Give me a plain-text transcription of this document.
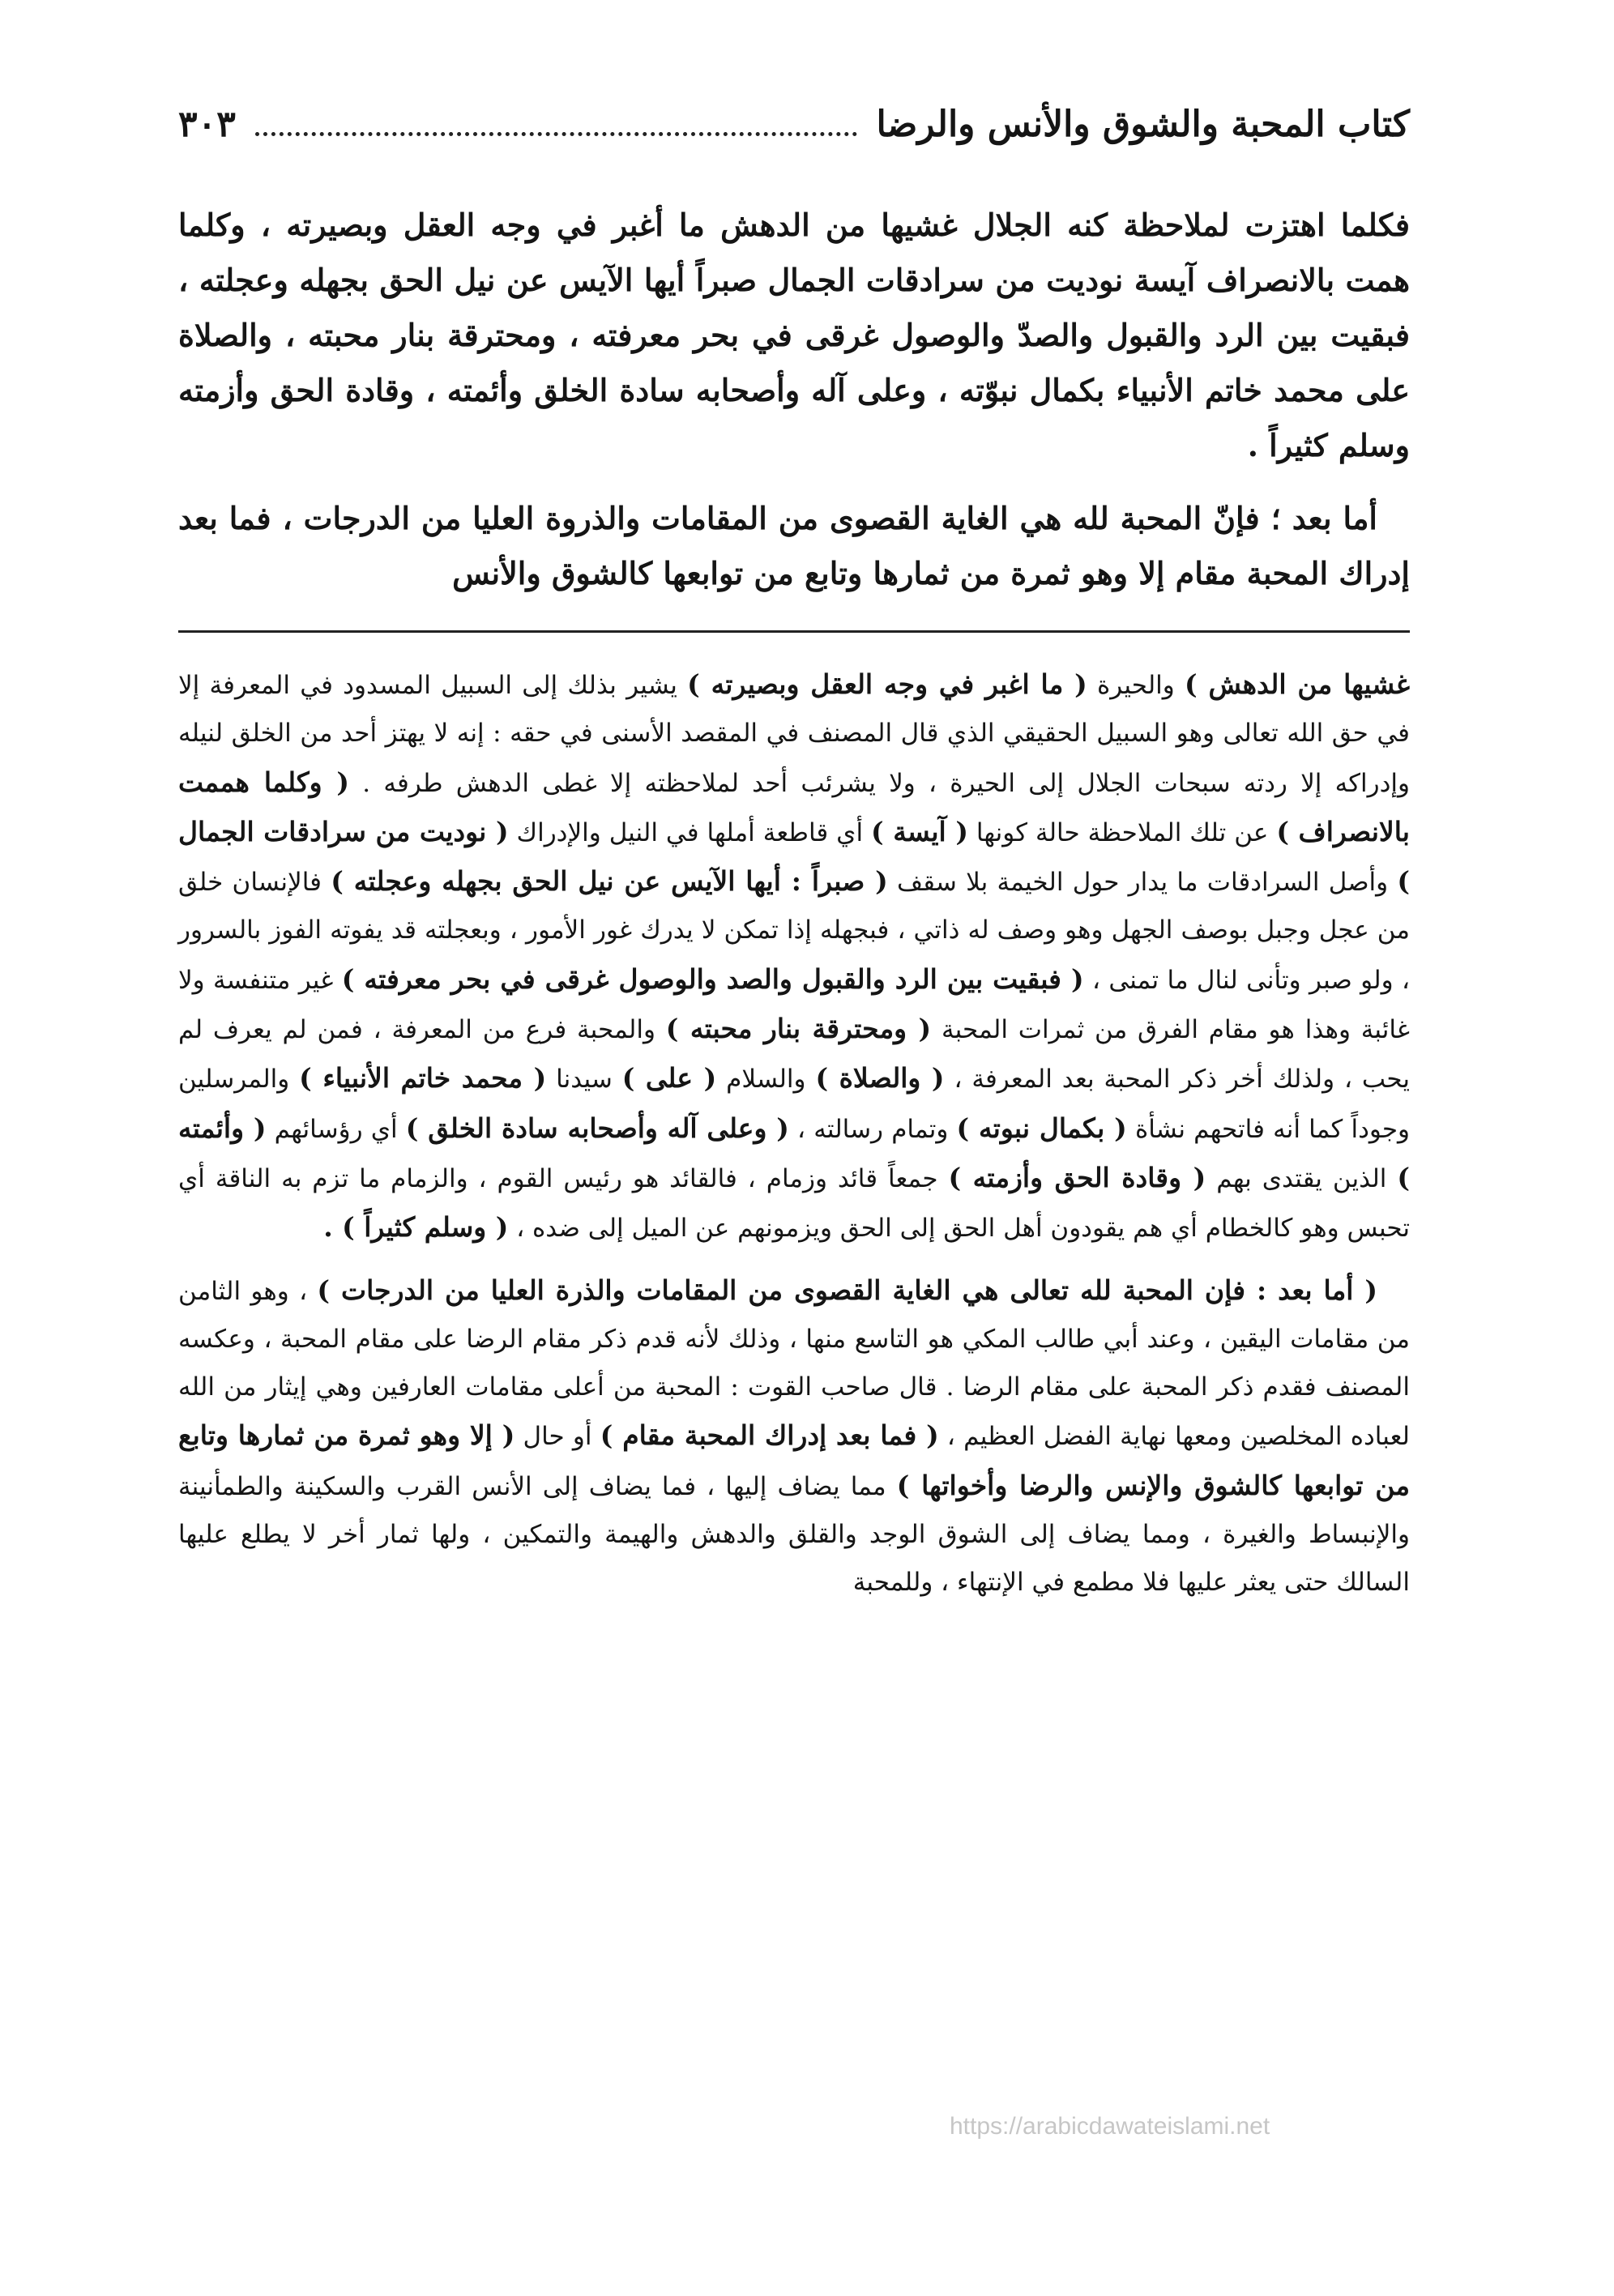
كتاب المحبة والشوق والأنس والرضا
٣٠٣

فكلما اهتزت لملاحظة كنه الجلال غشيها من الدهش ما أغبر في وجه العقل وبصيرته ، وكلما همت بالانصراف آيسة نوديت من سرادقات الجمال صبراً أيها الآيس عن نيل الحق بجهله وعجلته ، فبقيت بين الرد والقبول والصدّ والوصول غرقى في بحر معرفته ، ومحترقة بنار محبته ، والصلاة على محمد خاتم الأنبياء بكمال نبوّته ، وعلى آله وأصحابه سادة الخلق وأئمته ، وقادة الحق وأزمته وسلم كثيراً .

أما بعد ؛ فإنّ المحبة لله هي الغاية القصوى من المقامات والذروة العليا من الدرجات ، فما بعد إدراك المحبة مقام إلا وهو ثمرة من ثمارها وتابع من توابعها كالشوق والأنس

غشيها من الدهش ) والحيرة ( ما اغبر في وجه العقل وبصيرته ) يشير بذلك إلى السبيل المسدود في المعرفة إلا في حق الله تعالى وهو السبيل الحقيقي الذي قال المصنف في المقصد الأسنى في حقه : إنه لا يهتز أحد من الخلق لنيله وإدراكه إلا ردته سبحات الجلال إلى الحيرة ، ولا يشرئب أحد لملاحظته إلا غطى الدهش طرفه . ( وكلما هممت بالانصراف ) عن تلك الملاحظة حالة كونها ( آيسة ) أي قاطعة أملها في النيل والإدراك ( نوديت من سرادقات الجمال ) وأصل السرادقات ما يدار حول الخيمة بلا سقف ( صبراً : أيها الآيس عن نيل الحق بجهله وعجلته ) فالإنسان خلق من عجل وجبل بوصف الجهل وهو وصف له ذاتي ، فبجهله إذا تمكن لا يدرك غور الأمور ، وبعجلته قد يفوته الفوز بالسرور ، ولو صبر وتأنى لنال ما تمنى ، ( فبقيت بين الرد والقبول والصد والوصول غرقى في بحر معرفته ) غير متنفسة ولا غائبة وهذا هو مقام الفرق من ثمرات المحبة ( ومحترقة بنار محبته ) والمحبة فرع من المعرفة ، فمن لم يعرف لم يحب ، ولذلك أخر ذكر المحبة بعد المعرفة ، ( والصلاة ) والسلام ( على ) سيدنا ( محمد خاتم الأنبياء ) والمرسلين وجوداً كما أنه فاتحهم نشأة ( بكمال نبوته ) وتمام رسالته ، ( وعلى آله وأصحابه سادة الخلق ) أي رؤسائهم ( وأئمته ) الذين يقتدى بهم ( وقادة الحق وأزمته ) جمعاً قائد وزمام ، فالقائد هو رئيس القوم ، والزمام ما تزم به الناقة أي تحبس وهو كالخطام أي هم يقودون أهل الحق إلى الحق ويزمونهم عن الميل إلى ضده ، ( وسلم كثيراً ) .

( أما بعد : فإن المحبة لله تعالى هي الغاية القصوى من المقامات والذرة العليا من الدرجات ) ، وهو الثامن من مقامات اليقين ، وعند أبي طالب المكي هو التاسع منها ، وذلك لأنه قدم ذكر مقام الرضا على مقام المحبة ، وعكسه المصنف فقدم ذكر المحبة على مقام الرضا . قال صاحب القوت : المحبة من أعلى مقامات العارفين وهي إيثار من الله لعباده المخلصين ومعها نهاية الفضل العظيم ، ( فما بعد إدراك المحبة مقام ) أو حال ( إلا وهو ثمرة من ثمارها وتابع من توابعها كالشوق والإنس والرضا وأخواتها ) مما يضاف إليها ، فما يضاف إلى الأنس القرب والسكينة والطمأنينة والإنبساط والغيرة ، ومما يضاف إلى الشوق الوجد والقلق والدهش والهيمة والتمكين ، ولها ثمار أخر لا يطلع عليها السالك حتى يعثر عليها فلا مطمع في الإنتهاء ، وللمحبة

https://arabicdawateislami.net
